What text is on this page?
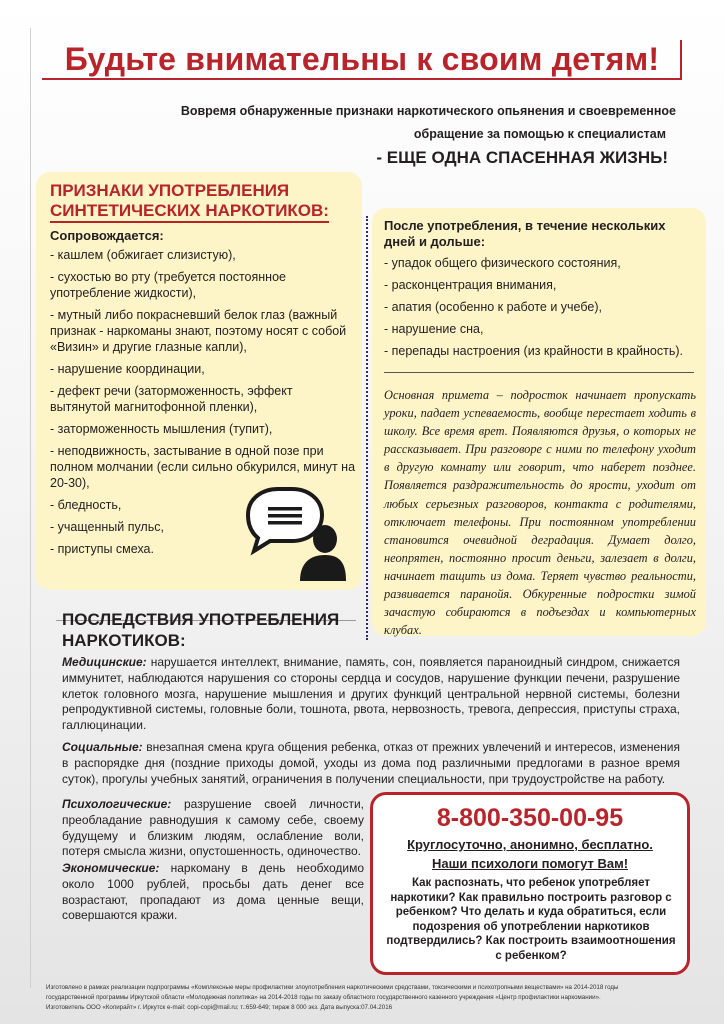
Будьте внимательны к своим детям!
Вовремя обнаруженные признаки наркотического опьянения и своевременное
обращение за помощью к специалистам
- ЕЩЕ ОДНА СПАСЕННАЯ ЖИЗНЬ!
ПРИЗНАКИ УПОТРЕБЛЕНИЯ
СИНТЕТИЧЕСКИХ НАРКОТИКОВ:
Сопровождается:
- кашлем (обжигает слизистую),
- сухостью во рту (требуется постоянное употребление жидкости),
- мутный либо покрасневший белок глаз (важный признак - наркоманы знают, поэтому носят с собой «Визин» и другие глазные капли),
- нарушение координации,
- дефект речи (заторможенность, эффект вытянутой магнитофонной пленки),
- заторможенность мышления (тупит),
- неподвижность, застывание в одной позе при полном молчании (если сильно обкурился, минут на 20-30),
- бледность,
- учащенный пульс,
- приступы смеха.
После употребления, в течение нескольких дней и дольше:
- упадок общего физического состояния,
- расконцентрация внимания,
- апатия (особенно к работе и учебе),
- нарушение сна,
- перепады настроения (из крайности в крайность).
Основная примета – подросток начинает пропускать уроки, падает успеваемость, вообще перестает ходить в школу. Все время врет. Появляются друзья, о которых не рассказывает. При разговоре с ними по телефону уходит в другую комнату или говорит, что наберет позднее. Появляется раздражительность до ярости, уходит от любых серьезных разговоров, контакта с родителями, отключает телефоны. При постоянном употреблении становится очевидной деградация. Думает долго, неопрятен, постоянно просит деньги, залезает в долги, начинает тащить из дома. Теряет чувство реальности, развивается паранойя. Обкуренные подростки зимой зачастую собираются в подъездах и компьютерных клубах.
ПОСЛЕДСТВИЯ УПОТРЕБЛЕНИЯ
НАРКОТИКОВ:
Медицинские: нарушается интеллект, внимание, память, сон, появляется параноидный синдром, снижается иммунитет, наблюдаются нарушения со стороны сердца и сосудов, нарушение функции печени, разрушение клеток головного мозга, нарушение мышления и других функций центральной нервной системы, болезни репродуктивной системы, головные боли, тошнота, рвота, нервозность, тревога, депрессия, приступы страха, галлюцинации.
Социальные: внезапная смена круга общения ребенка, отказ от прежних увлечений и интересов, изменения в распорядке дня (поздние приходы домой, уходы из дома под различными предлогами в разное время суток), прогулы учебных занятий, ограничения в получении специальности, при трудоустройстве на работу.
Психологические: разрушение своей личности, преобладание равнодушия к самому себе, своему будущему и близким людям, ослабление воли, потеря смысла жизни, опустошенность, одиночество.
Экономические: наркоману в день необходимо около 1000 рублей, просьбы дать денег все возрастают, пропадают из дома ценные вещи, совершаются кражи.
8-800-350-00-95
Круглосуточно, анонимно, бесплатно.
Наши психологи помогут Вам!
Как распознать, что ребенок употребляет наркотики? Как правильно построить разговор с ребенком? Что делать и куда обратиться, если подозрения об употреблении наркотиков подтвердились? Как построить взаимоотношения с ребенком?
Изготовлено в рамках реализации подпрограммы «Комплексные меры профилактики злоупотребления наркотическими средствами, токсическими и психотропными веществами» на 2014-2018 годы
государственной программы Иркутской области «Молодежная политика» на 2014-2018 годы по заказу областного государственного казенного учреждения «Центр профилактики наркомании».
Изготовитель ООО «Копирайт» г. Иркутск e-mail: copi-copi@mail.ru; т.:659-649; тираж 8 000 экз. Дата выпуска:07.04.2016
